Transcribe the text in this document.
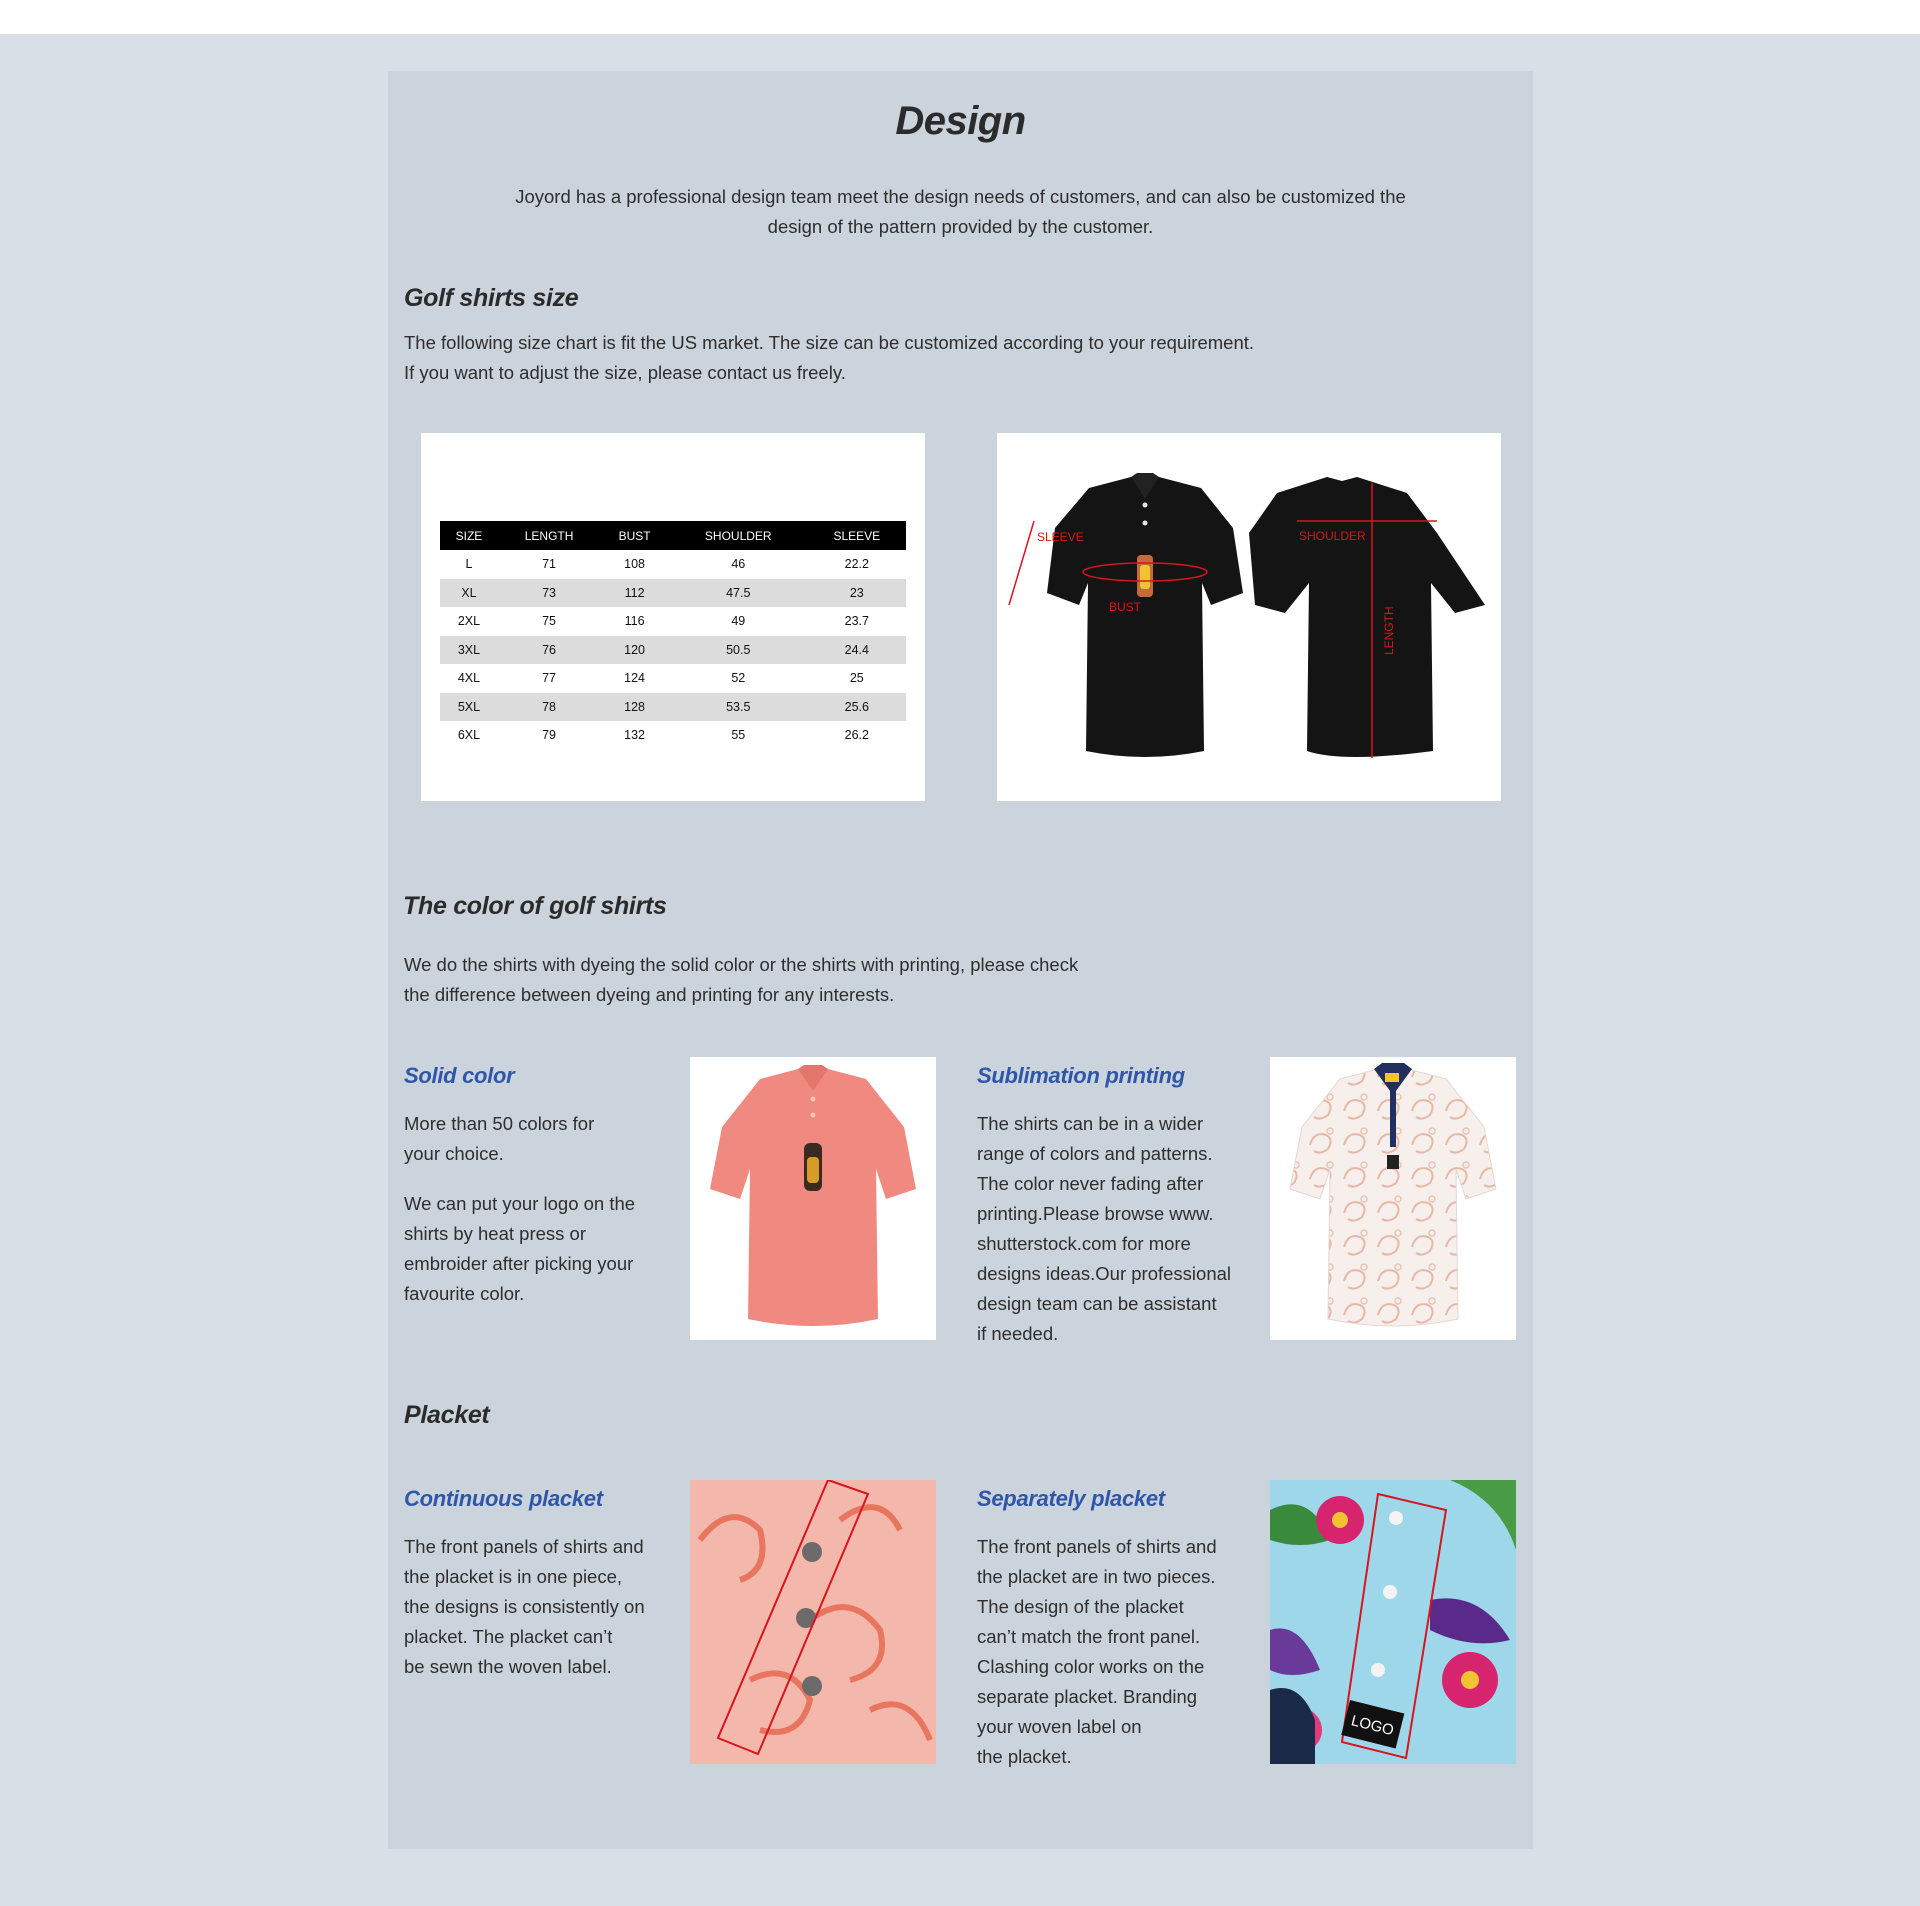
Design
Joyord has a professional design team meet the design needs of customers, and can also be customized the design of the pattern provided by the customer.
Golf shirts size
The following size chart is fit the US market. The size can be customized according to your requirement.
If you want to adjust the size, please contact us freely.
SIZE	LENGTH	BUST	SHOULDER	SLEEVE
L	71	108	46	22.2
XL	73	112	47.5	23
2XL	75	116	49	23.7
3XL	76	120	50.5	24.4
4XL	77	124	52	25
5XL	78	128	53.5	25.6
6XL	79	132	55	26.2
SLEEVE
BUST
SHOULDER
LENGTH
The color of golf shirts
We do the shirts with dyeing the solid color or the shirts with printing, please check
the difference between dyeing and printing for any interests.
Solid color
More than 50 colors for
your choice.
We can put your logo on the
shirts by heat press or
embroider after picking your
favourite color.
Sublimation printing
The shirts can be in a wider
range of colors and patterns.
The color never fading after
printing.Please browse www.
shutterstock.com for more
designs ideas.Our professional
design team can be assistant
if needed.
Placket
Continuous placket
The front panels of shirts and
the placket is in one piece,
the designs is consistently on
placket. The placket can’t
be sewn the woven label.
Separately placket
The front panels of shirts and
the placket are in two pieces.
The design of the placket
can’t match the front panel.
Clashing color works on the
separate placket. Branding
your woven label on
the placket.
LOGO
